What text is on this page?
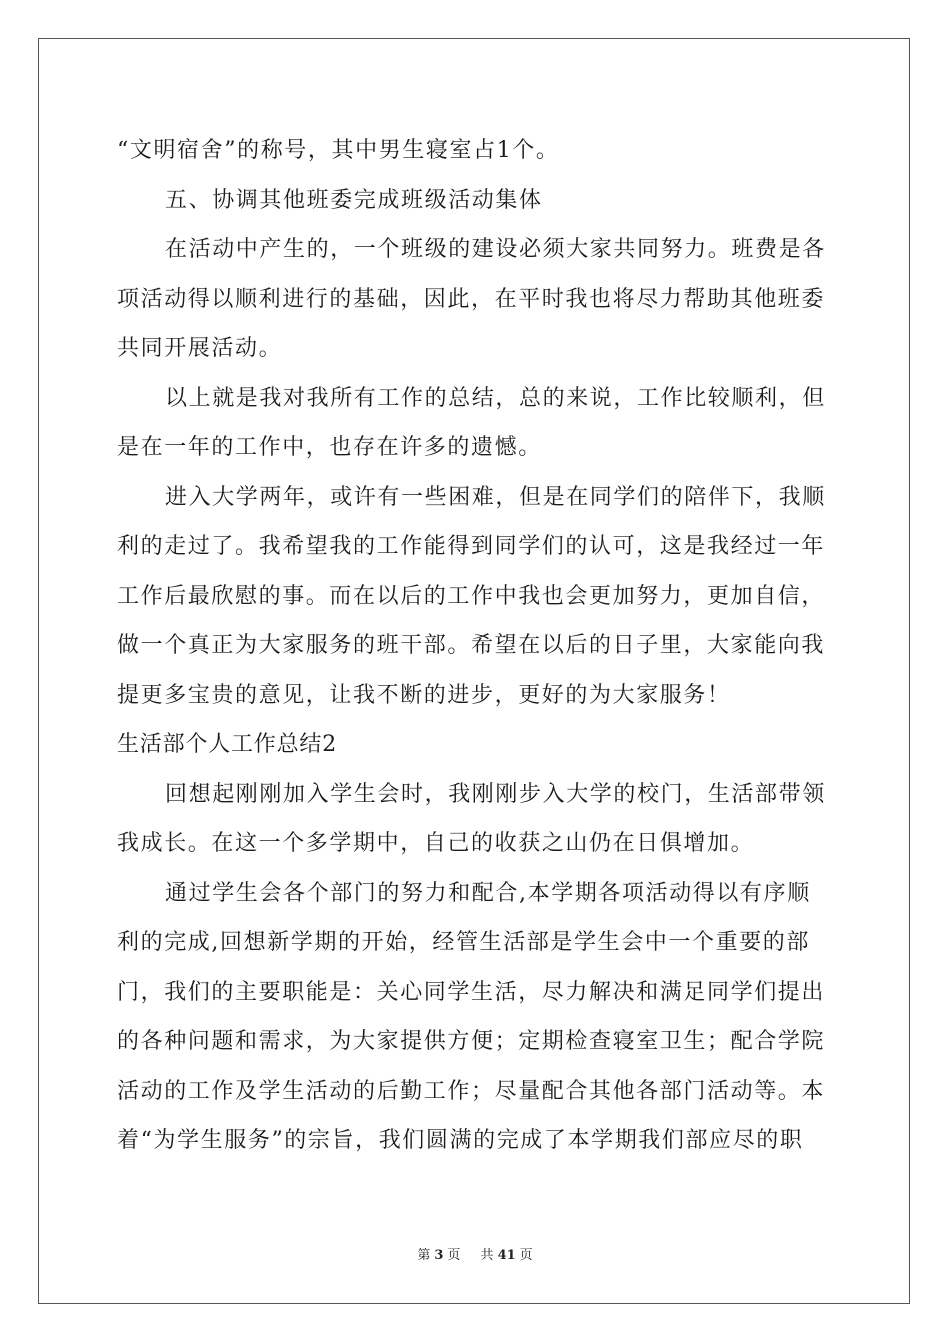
“文明宿舍”的称号，其中男生寝室占1个。
五、协调其他班委完成班级活动集体
在活动中产生的，一个班级的建设必须大家共同努力。班费是各
项活动得以顺利进行的基础，因此，在平时我也将尽力帮助其他班委
共同开展活动。
以上就是我对我所有工作的总结，总的来说，工作比较顺利，但
是在一年的工作中，也存在许多的遗憾。
进入大学两年，或许有一些困难，但是在同学们的陪伴下，我顺
利的走过了。我希望我的工作能得到同学们的认可，这是我经过一年
工作后最欣慰的事。而在以后的工作中我也会更加努力，更加自信，
做一个真正为大家服务的班干部。希望在以后的日子里，大家能向我
提更多宝贵的意见，让我不断的进步，更好的为大家服务！
生活部个人工作总结2
回想起刚刚加入学生会时，我刚刚步入大学的校门，生活部带领
我成长。在这一个多学期中，自己的收获之山仍在日俱增加。
通过学生会各个部门的努力和配合,本学期各项活动得以有序顺
利的完成,回想新学期的开始，经管生活部是学生会中一个重要的部
门，我们的主要职能是：关心同学生活，尽力解决和满足同学们提出
的各种问题和需求，为大家提供方便；定期检查寝室卫生；配合学院
活动的工作及学生活动的后勤工作；尽量配合其他各部门活动等。本
着“为学生服务”的宗旨，我们圆满的完成了本学期我们部应尽的职
第 3 页 共 41 页
